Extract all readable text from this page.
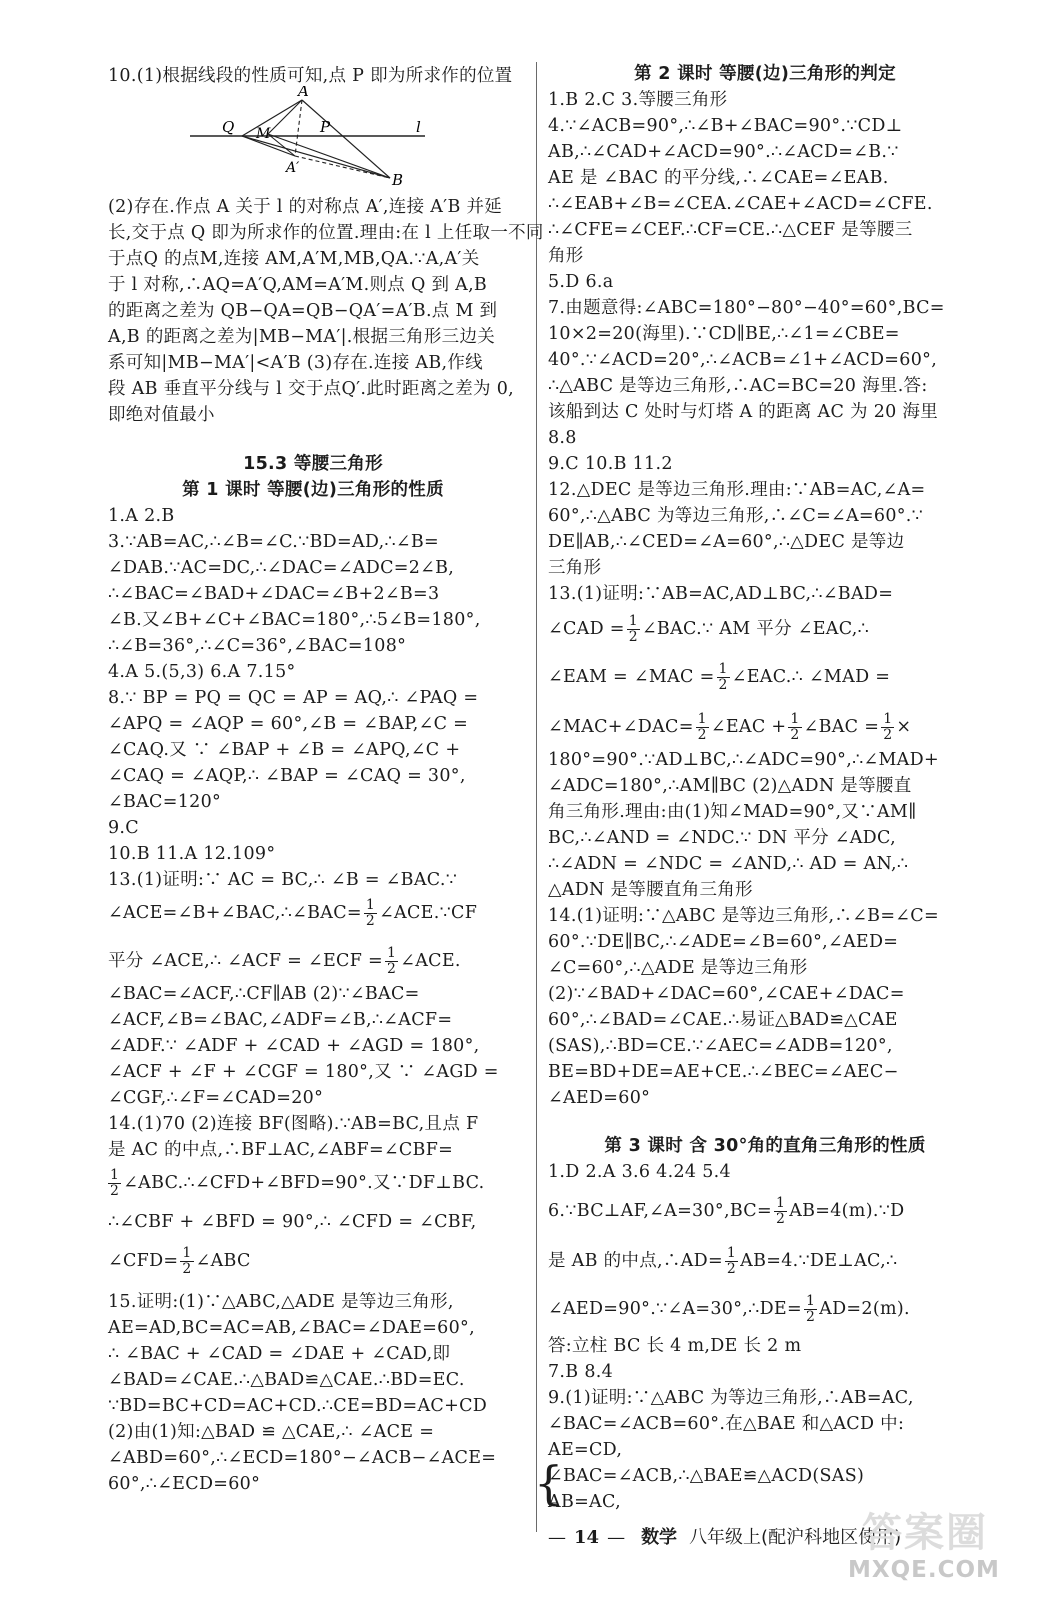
10.(1)根据线段的性质可知,点 P 即为所求作的位置
A
Q M	P	l
A′
B
(2)存在.作点 A 关于 l 的对称点 A′,连接 A′B 并延
长,交于点 Q 即为所求作的位置.理由:在 l 上任取一不同
于点Q 的点M,连接 AM,A′M,MB,QA.∵A,A′关
于 l 对称,∴AQ=A′Q,AM=A′M.则点 Q 到 A,B
的距离之差为 QB−QA=QB−QA′=A′B.点 M 到
A,B 的距离之差为|MB−MA′|.根据三角形三边关
系可知|MB−MA′|<A′B (3)存在.连接 AB,作线
段 AB 垂直平分线与 l 交于点Q′.此时距离之差为 0,
即绝对值最小
15.3 等腰三角形
第 1 课时 等腰(边)三角形的性质
1.A 2.B
3.∵AB=AC,∴∠B=∠C.∵BD=AD,∴∠B=
∠DAB.∵AC=DC,∴∠DAC=∠ADC=2∠B,
∴∠BAC=∠BAD+∠DAC=∠B+2∠B=3
∠B.又∠B+∠C+∠BAC=180°,∴5∠B=180°,
∴∠B=36°,∴∠C=36°,∠BAC=108°
4.A 5.(5,3) 6.A 7.15°
8.∵ BP = PQ = QC = AP = AQ,∴ ∠PAQ =
∠APQ = ∠AQP = 60°,∠B = ∠BAP,∠C =
∠CAQ.又 ∵ ∠BAP + ∠B = ∠APQ,∠C +
∠CAQ = ∠AQP,∴ ∠BAP = ∠CAQ = 30°,
∠BAC=120°
9.C
10.B 11.A 12.109°
13.(1)证明:∵ AC = BC,∴ ∠B = ∠BAC.∵
∠ACE=∠B+∠BAC,∴∠BAC= $\frac{1}{2}$ ∠ACE.∵CF
平分 ∠ACE,∴ ∠ACF = ∠ECF = $\frac{1}{2}$ ∠ACE.
∠BAC=∠ACF,∴CF∥AB (2)∵∠BAC=
∠ACF,∠B=∠BAC,∠ADF=∠B,∴∠ACF=
∠ADF.∵ ∠ADF + ∠CAD + ∠AGD = 180°,
∠ACF + ∠F + ∠CGF = 180°,又 ∵ ∠AGD =
∠CGF,∴∠F=∠CAD=20°
14.(1)70 (2)连接 BF(图略).∵AB=BC,且点 F
是 AC 的中点,∴BF⊥AC,∠ABF=∠CBF=
$\frac{1}{2}$ ∠ABC.∴∠CFD+∠BFD=90°.又∵DF⊥BC.
∴∠CBF + ∠BFD = 90°,∴ ∠CFD = ∠CBF,
∠CFD= $\frac{1}{2}$ ∠ABC
15.证明:(1)∵△ABC,△ADE 是等边三角形,
AE=AD,BC=AC=AB,∠BAC=∠DAE=60°,
∴ ∠BAC + ∠CAD = ∠DAE + ∠CAD,即
∠BAD=∠CAE.∴△BAD≌△CAE.∴BD=EC.
∵BD=BC+CD=AC+CD.∴CE=BD=AC+CD
(2)由(1)知:△BAD ≌ △CAE,∴ ∠ACE =
∠ABD=60°,∴∠ECD=180°−∠ACB−∠ACE=
60°,∴∠ECD=60°
第 2 课时 等腰(边)三角形的判定
1.B 2.C 3.等腰三角形
4.∵∠ACB=90°,∴∠B+∠BAC=90°.∵CD⊥
AB,∴∠CAD+∠ACD=90°.∴∠ACD=∠B.∵
AE 是 ∠BAC 的平分线,∴∠CAE=∠EAB.
∴∠EAB+∠B=∠CEA.∠CAE+∠ACD=∠CFE.
∴∠CFE=∠CEF.∴CF=CE.∴△CEF 是等腰三
角形
5.D 6.a
7.由题意得:∠ABC=180°−80°−40°=60°,BC=
10×2=20(海里).∵CD∥BE,∴∠1=∠CBE=
40°.∵∠ACD=20°,∴∠ACB=∠1+∠ACD=60°,
∴△ABC 是等边三角形,∴AC=BC=20 海里.答:
该船到达 C 处时与灯塔 A 的距离 AC 为 20 海里
8.8
9.C 10.B 11.2
12.△DEC 是等边三角形.理由:∵AB=AC,∠A=
60°,∴△ABC 为等边三角形,∴∠C=∠A=60°.∵
DE∥AB,∴∠CED=∠A=60°,∴△DEC 是等边
三角形
13.(1)证明:∵AB=AC,AD⊥BC,∴∠BAD=
∠CAD = $\frac{1}{2}$ ∠BAC.∵ AM 平分 ∠EAC,∴
∠EAM = ∠MAC = $\frac{1}{2}$ ∠EAC.∴ ∠MAD =
∠MAC+∠DAC= $\frac{1}{2}$ ∠EAC + $\frac{1}{2}$ ∠BAC = $\frac{1}{2}$ ×
180°=90°.∵AD⊥BC,∴∠ADC=90°,∴∠MAD+
∠ADC=180°,∴AM∥BC (2)△ADN 是等腰直
角三角形.理由:由(1)知∠MAD=90°,又∵AM∥
BC,∴∠AND = ∠NDC.∵ DN 平分 ∠ADC,
∴∠ADN = ∠NDC = ∠AND,∴ AD = AN,∴
△ADN 是等腰直角三角形
14.(1)证明:∵△ABC 是等边三角形,∴∠B=∠C=
60°.∵DE∥BC,∴∠ADE=∠B=60°,∠AED=
∠C=60°,∴△ADE 是等边三角形
(2)∵∠BAD+∠DAC=60°,∠CAE+∠DAC=
60°,∴∠BAD=∠CAE.∴易证△BAD≌△CAE
(SAS),∴BD=CE.∵∠AEC=∠ADB=120°,
BE=BD+DE=AE+CE.∴∠BEC=∠AEC−
∠AED=60°
第 3 课时 含 30°角的直角三角形的性质
1.D 2.A 3.6 4.24 5.4
6.∵BC⊥AF,∠A=30°,BC= $\frac{1}{2}$ AB=4(m).∵D
是 AB 的中点,∴AD= $\frac{1}{2}$ AB=4.∵DE⊥AC,∴
∠AED=90°.∵∠A=30°,∴DE= $\frac{1}{2} AD=2(m)$.
答:立柱 BC 长 4 m,DE 长 2 m
7.B 8.4
9.(1)证明:∵△ABC 为等边三角形,∴AB=AC,
∠BAC=∠ACB=60°.在△BAE 和△ACD 中:
AE=CD,
{
∠BAC=∠ACB,∴△BAE≌△ACD(SAS)
AB=AC,
— 14 — 数学 八年级上(配沪科地区使用)
答案圈
MXQE.COM
